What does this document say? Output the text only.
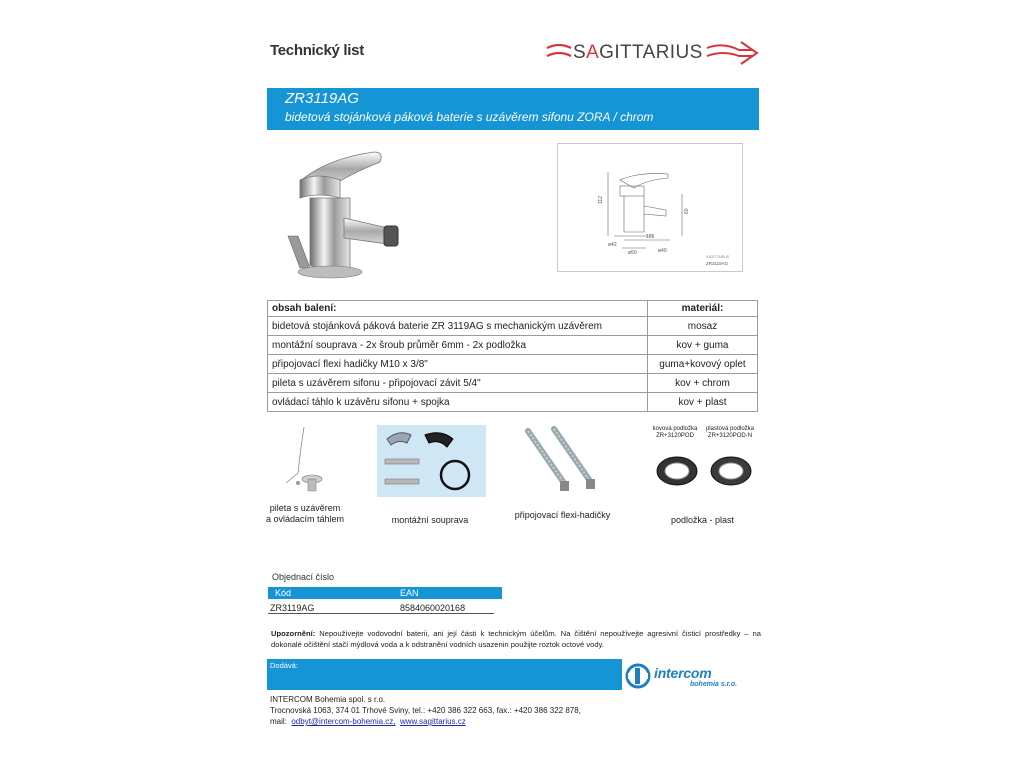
Technický list	SAGITTARIUS
ZR3119AG
bidetová stojánková páková baterie s uzávěrem sifonu ZORA / chrom
112
60
125
ø42
ø50	ø40
SAGITTARIUS
ZR3119AG
obsah balení:	materiál:
bidetová stojánková páková baterie ZR 3119AG s mechanickým uzávěrem	mosaz
montážní souprava - 2x šroub průměr 6mm - 2x podložka	kov + guma
připojovací flexi hadičky M10 x 3/8"	guma+kovový oplet
pileta s uzávěrem sifonu - připojovací závit 5/4"	kov + chrom
ovládací táhlo k uzávěru sifonu + spojka	kov + plast
kovová podložka
ZR+3120POD
plastová podložka
ZR+3120POD-N
pileta s uzávěrem
a ovládacím táhlem	montážní souprava	připojovací flexi-hadičky	podložka - plast
Objednací číslo
Kód	EAN
ZR3119AG	8584060020168
Upozornění: Nepoužívejte vodovodní baterii, ani její části k technickým účelům. Na čištění nepoužívejte agresivní čisticí prostředky – na dokonalé očištění stačí mýdlová voda a k odstranění vodních usazenin použijte roztok octové vody.
Dodává:	intercom
bohemia s.r.o.
INTERCOM Bohemia spol. s r.o.
Trocnovská 1063, 374 01 Trhové Sviny, tel.: +420 386 322 663, fax.: +420 386 322 878,
mail: odbyt@intercom-bohemia.cz, www.sagittarius.cz
